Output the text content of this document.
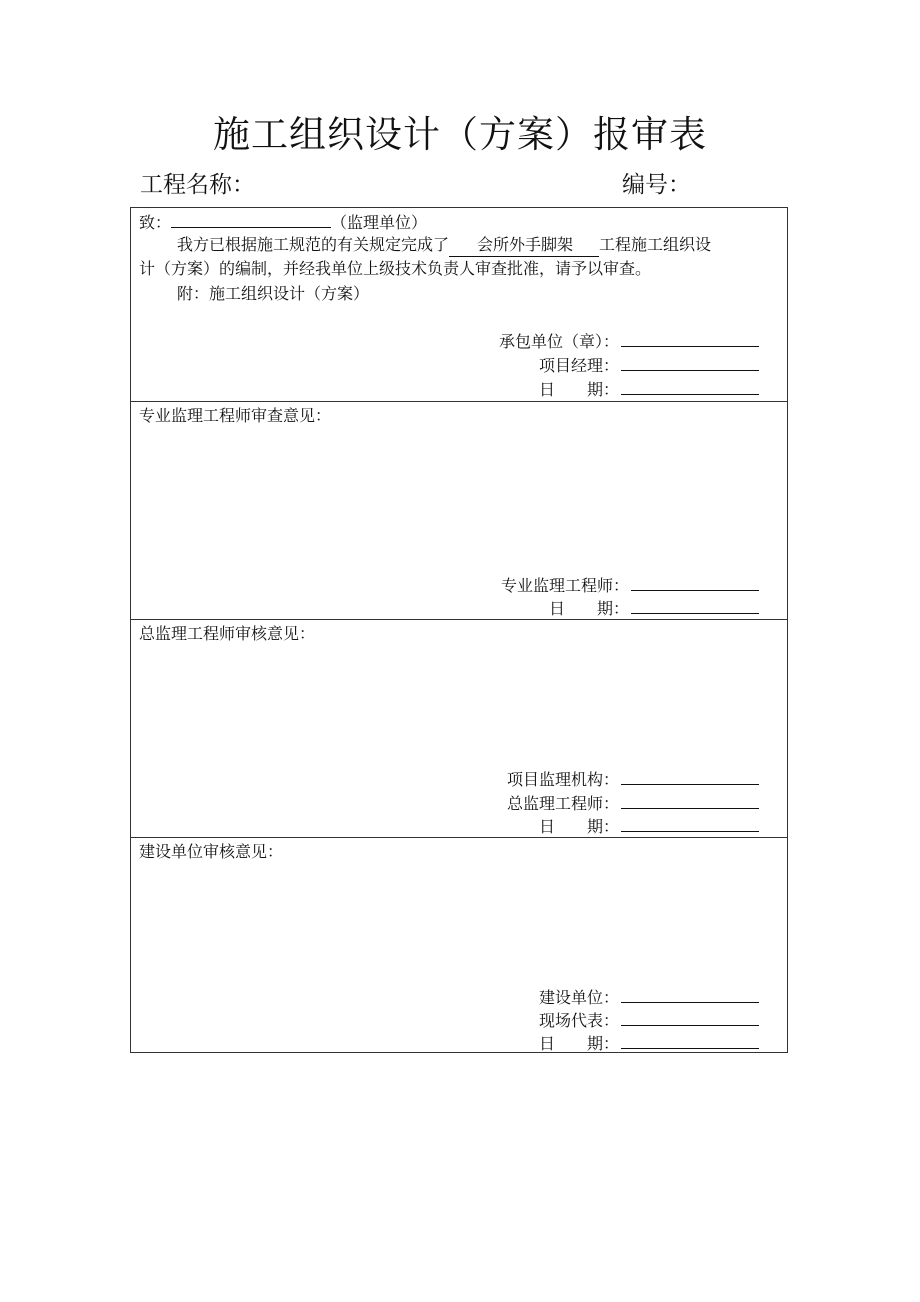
施工组织设计（方案）报审表
工程名称：	编号：
致：	（监理单位）
我方已根据施工规范的有关规定完成了 会所外手脚架 工程施工组织设
计（方案）的编制，并经我单位上级技术负责人审查批准，请予以审查。
附：施工组织设计（方案）
承包单位（章）：
项目经理：
日　　期：
专业监理工程师审查意见：
专业监理工程师：
日　　期：
总监理工程师审核意见：
项目监理机构：
总监理工程师：
日　　期：
建设单位审核意见：
建设单位：
现场代表：
日　　期：
